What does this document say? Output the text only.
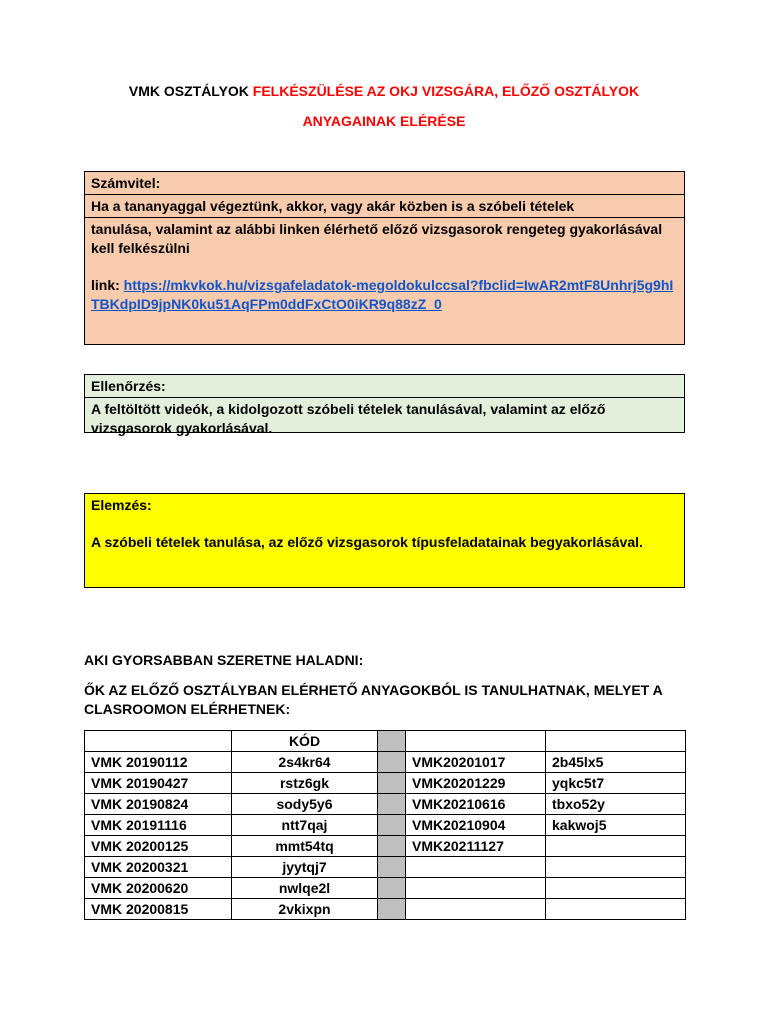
VMK OSZTÁLYOK FELKÉSZÜLÉSE AZ OKJ VIZSGÁRA, ELŐZŐ OSZTÁLYOK
ANYAGAINAK ELÉRÉSE
Számvitel:
Ha a tananyaggal végeztünk, akkor, vagy akár közben is a szóbeli tételek
tanulása, valamint az alábbi linken élérhető előző vizsgasorok rengeteg gyakorlásával kell felkészülni
link: https://mkvkok.hu/vizsgafeladatok-megoldokulccsal?fbclid=IwAR2mtF8Unhrj5g9hITBKdpID9jpNK0ku51AqFPm0ddFxCtO0iKR9q88zZ_0
Ellenőrzés:
A feltöltött videók, a kidolgozott szóbeli tételek tanulásával, valamint az előző vizsgasorok gyakorlásával.
Elemzés:
A szóbeli tételek tanulása, az előző vizsgasorok típusfeladatainak begyakorlásával.
AKI GYORSABBAN SZERETNE HALADNI:
ŐK AZ ELŐZŐ OSZTÁLYBAN ELÉRHETŐ ANYAGOKBÓL IS TANULHATNAK, MELYET A CLASROOMON ELÉRHETNEK:
	KÓD			
VMK 20190112	2s4kr64		VMK20201017	2b45lx5
VMK 20190427	rstz6gk		VMK20201229	yqkc5t7
VMK 20190824	sody5y6		VMK20210616	tbxo52y
VMK 20191116	ntt7qaj		VMK20210904	kakwoj5
VMK 20200125	mmt54tq		VMK20211127	
VMK 20200321	jyytqj7			
VMK 20200620	nwlqe2l			
VMK 20200815	2vkixpn			
